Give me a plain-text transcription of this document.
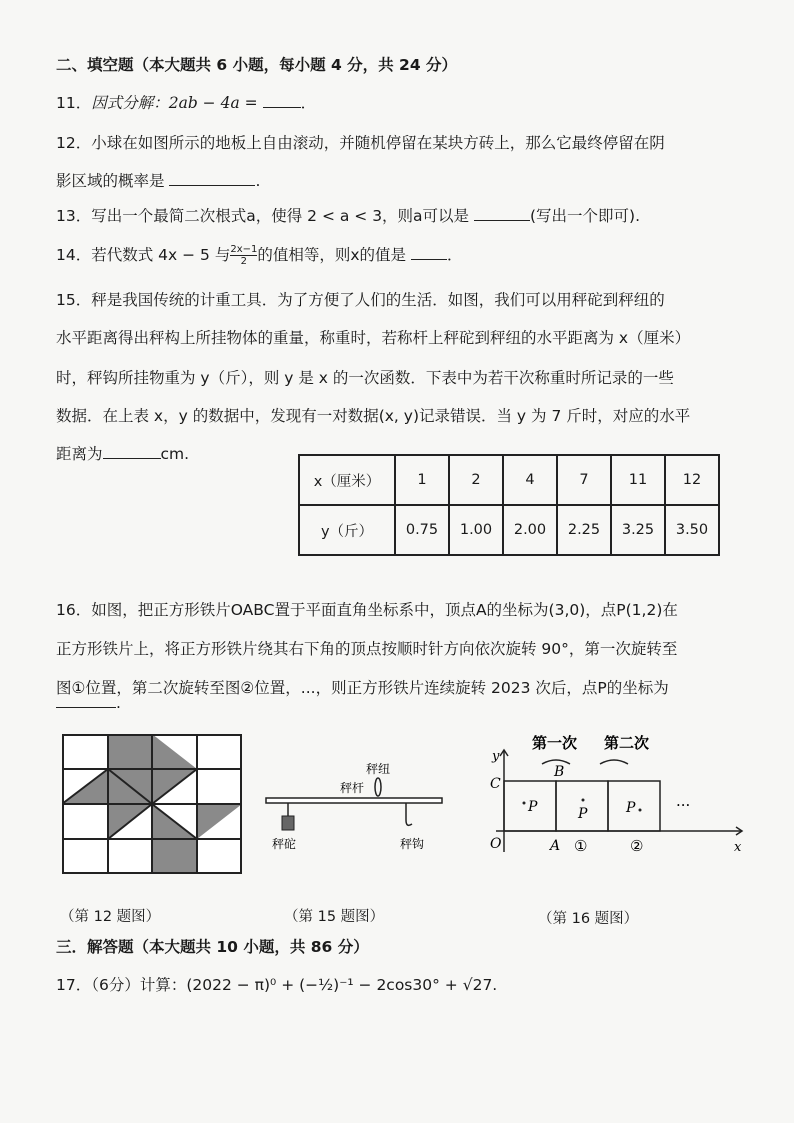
二、填空题（本大题共 6 小题，每小题 4 分，共 24 分）
11．因式分解：2ab − 4a =	．
12．小球在如图所示的地板上自由滚动，并随机停留在某块方砖上，那么它最终停留在阴
影区域的概率是	.
13．写出一个最简二次根式a，使得 2 < a < 3，则a可以是	(写出一个即可).
14．若代数式 4x − 5 与 $\frac{2x-1}{2}$ 的值相等，则x的值是	．
15．秤是我国传统的计重工具．为了方便了人们的生活．如图，我们可以用秤砣到秤纽的
水平距离得出秤构上所挂物体的重量，称重时，若称杆上秤砣到秤纽的水平距离为 x（厘米）
时，秤钩所挂物重为 y（斤），则 y 是 x 的一次函数．下表中为若干次称重时所记录的一些
数据．在上表 x，y 的数据中，发现有一对数据(x, y)记录错误．当 y 为 7 斤时，对应的水平
距离为	cm.
x（厘米）	1	2	4	7	11	12
y（斤）	0.75	1.00	2.00	2.25	3.25	3.50
16．如图，把正方形铁片OABC置于平面直角坐标系中，顶点A的坐标为(3,0)，点P(1,2)在
正方形铁片上，将正方形铁片绕其右下角的顶点按顺时针方向依次旋转 90°，第一次旋转至
图①位置，第二次旋转至图②位置，...，则正方形铁片连续旋转 2023 次后，点P的坐标为
.
秤杆
秤纽
秤砣	秤钩
第一次 第二次
y
x
C
B
O	A ①	②
P	P	P	···
（第 12 题图）	（第 15 题图）	（第 16 题图）
三．解答题（本大题共 10 小题，共 86 分）
17．（6分）计算：(2022 − π)⁰ + (−½)⁻¹ − 2cos30° + √27.
